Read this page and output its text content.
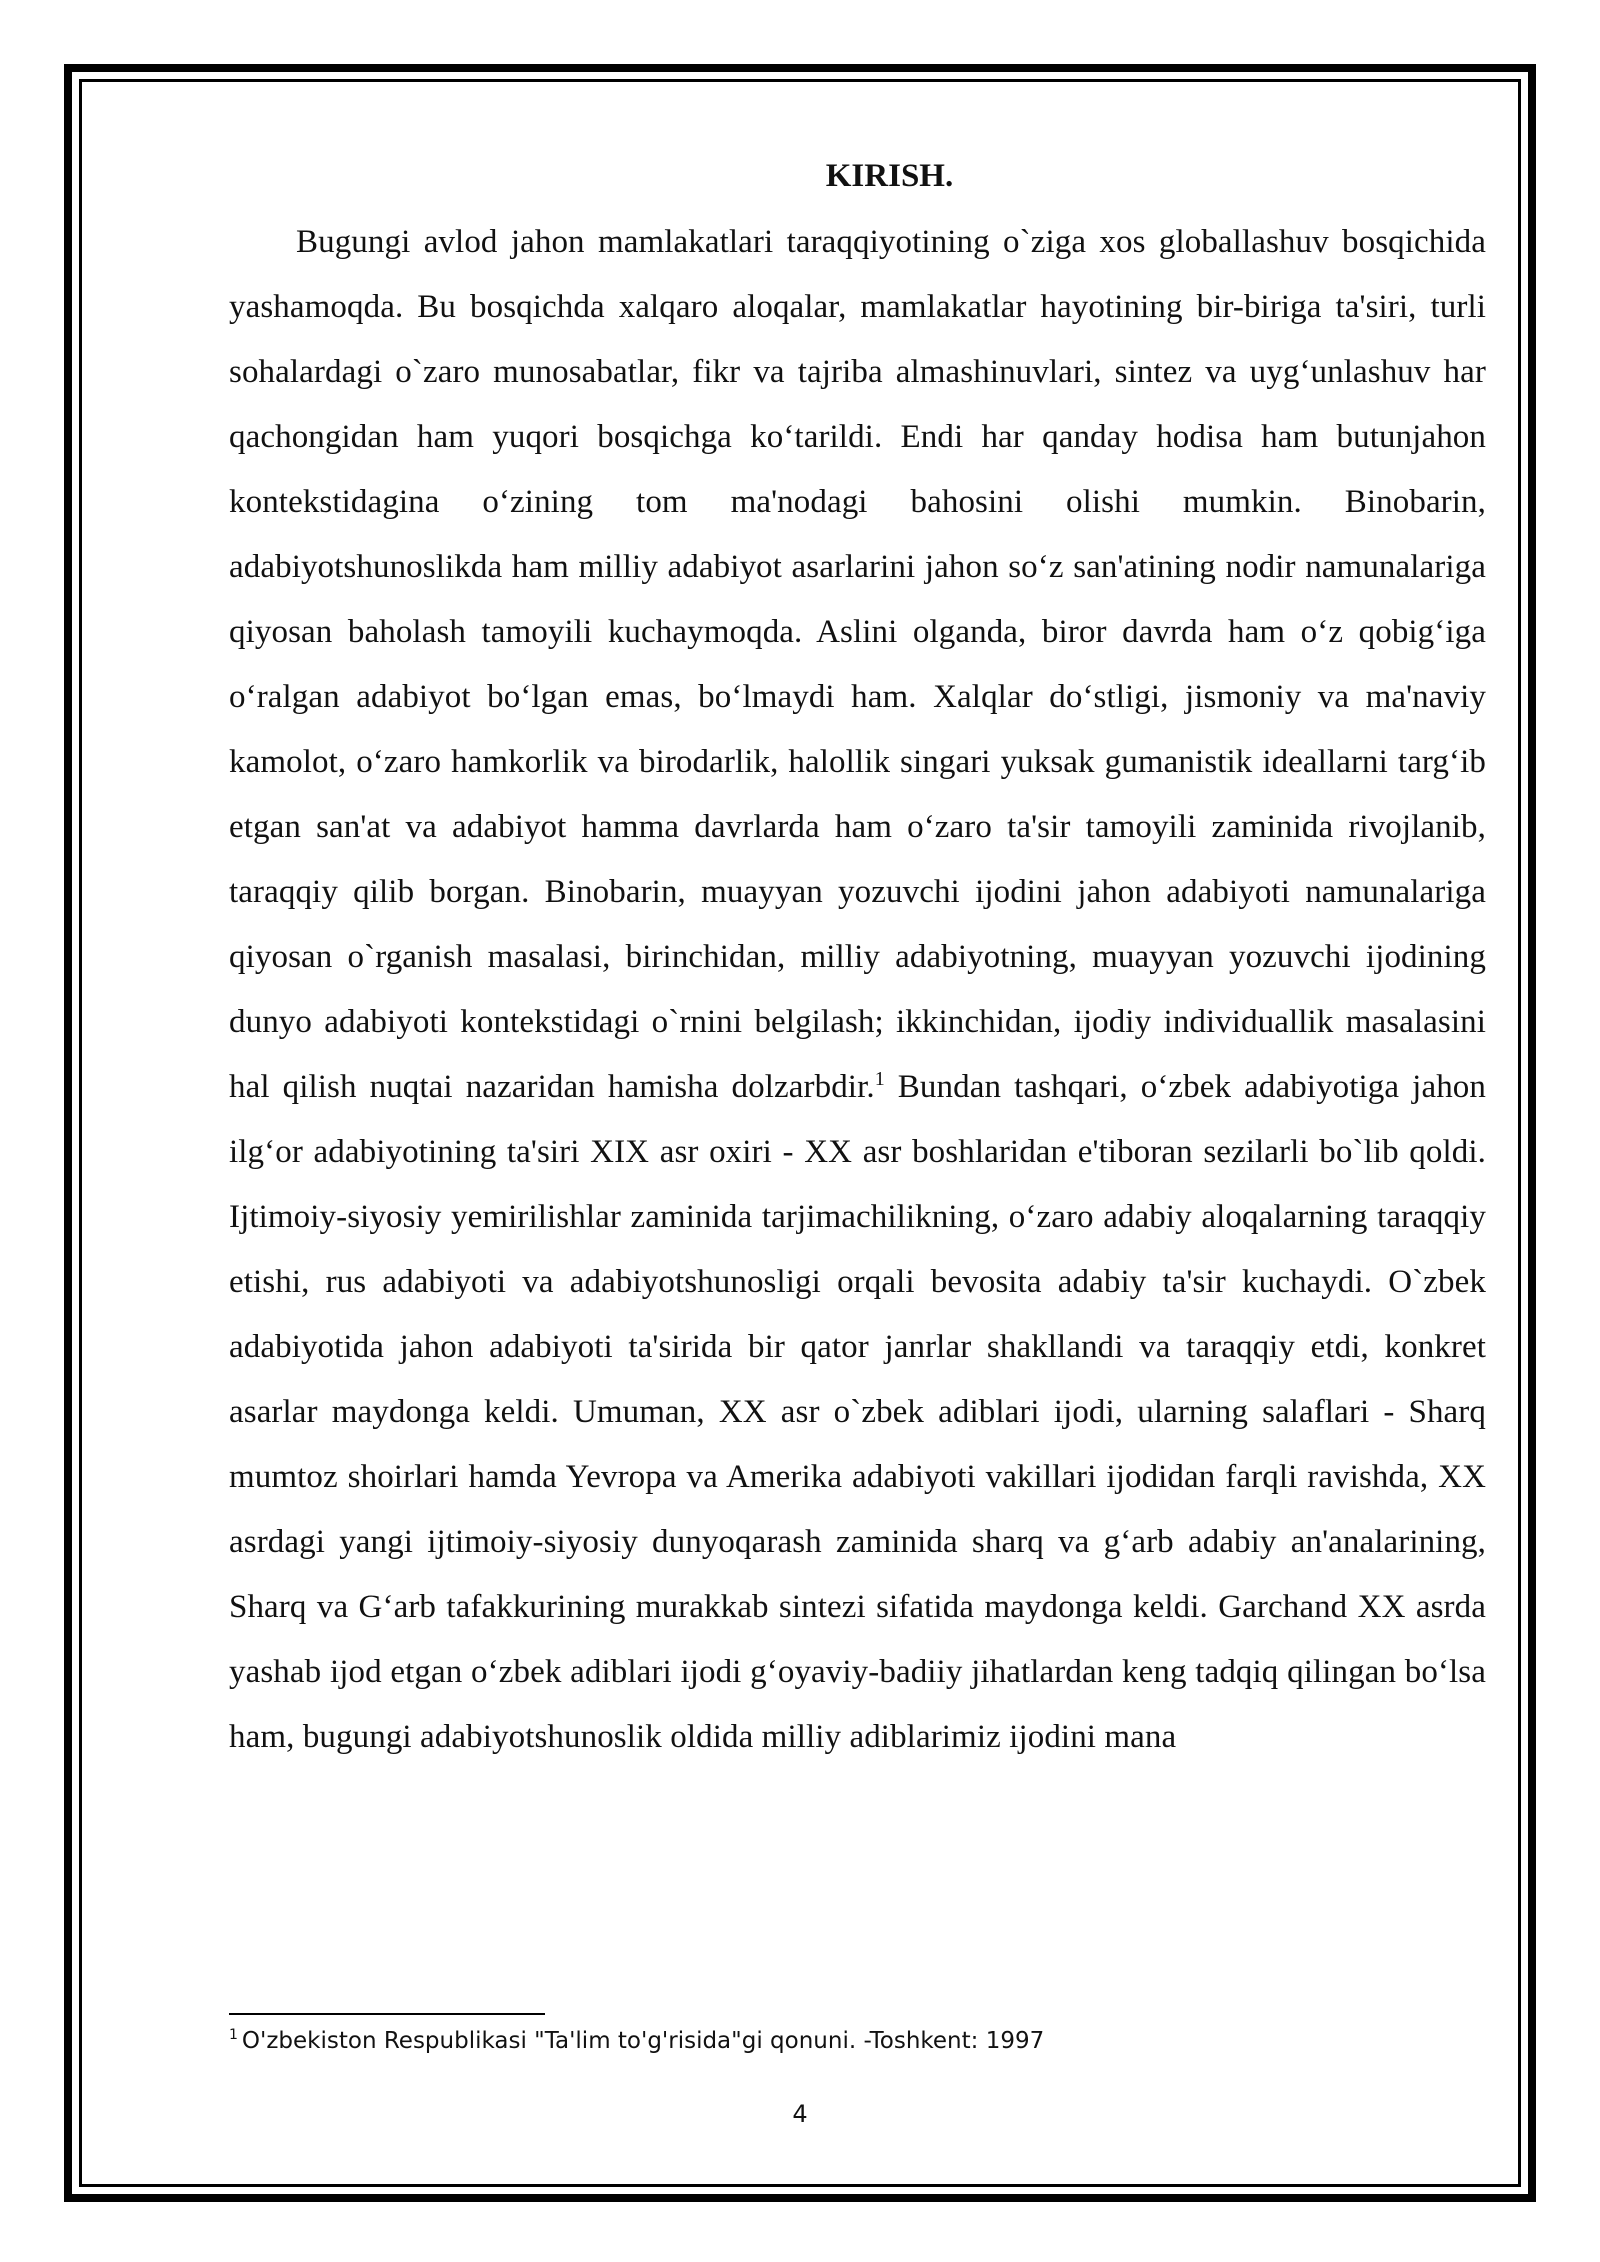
KIRISH.

Bugungi avlod jahon mamlakatlari taraqqiyotining o`ziga xos globallashuv bosqichida yashamoqda. Bu bosqichda xalqaro aloqalar, mamlakatlar hayotining bir-biriga ta'siri, turli sohalardagi o`zaro munosabatlar, fikr va tajriba almashinuvlari, sintez va uyg‘unlashuv har qachongidan ham yuqori bosqichga ko‘tarildi. Endi har qanday hodisa ham butunjahon kontekstidagina o‘zining tom ma'nodagi bahosini olishi mumkin. Binobarin, adabiyotshunoslikda ham milliy adabiyot asarlarini jahon so‘z san'atining nodir namunalariga qiyosan baholash tamoyili kuchaymoqda. Aslini olganda, biror davrda ham o‘z qobig‘iga o‘ralgan adabiyot bo‘lgan emas, bo‘lmaydi ham. Xalqlar do‘stligi, jismoniy va ma'naviy kamolot, o‘zaro hamkorlik va birodarlik, halollik singari yuksak gumanistik ideallarni targ‘ib etgan san'at va adabiyot hamma davrlarda ham o‘zaro ta'sir tamoyili zaminida rivojlanib, taraqqiy qilib borgan. Binobarin, muayyan yozuvchi ijodini jahon adabiyoti namunalariga qiyosan o`rganish masalasi, birinchidan, milliy adabiyotning, muayyan yozuvchi ijodining dunyo adabiyoti kontekstidagi o`rnini belgilash; ikkinchidan, ijodiy individuallik masalasini hal qilish nuqtai nazaridan hamisha dolzarbdir.$^1$ Bundan tashqari, o‘zbek adabiyotiga jahon ilg‘or adabiyotining ta'siri XIX asr oxiri - XX asr boshlaridan e'tiboran sezilarli bo`lib qoldi. Ijtimoiy-siyosiy yemirilishlar zaminida tarjimachilikning, o‘zaro adabiy aloqalarning taraqqiy etishi, rus adabiyoti va adabiyotshunosligi orqali bevosita adabiy ta'sir kuchaydi. O`zbek adabiyotida jahon adabiyoti ta'sirida bir qator janrlar shakllandi va taraqqiy etdi, konkret asarlar maydonga keldi. Umuman, XX asr o`zbek adiblari ijodi, ularning salaflari - Sharq mumtoz shoirlari hamda Yevropa va Amerika adabiyoti vakillari ijodidan farqli ravishda, XX asrdagi yangi ijtimoiy-siyosiy dunyoqarash zaminida sharq va g‘arb adabiy an'analarining, Sharq va G‘arb tafakkurining murakkab sintezi sifatida maydonga keldi. Garchand XX asrda yashab ijod etgan o‘zbek adiblari ijodi g‘oyaviy-badiiy jihatlardan keng tadqiq qilingan bo‘lsa ham, bugungi adabiyotshunoslik oldida milliy adiblarimiz ijodini mana

$^1$ O'zbekiston Respublikasi "Ta'lim to'g'risida"gi qonuni. -Toshkent: 1997
4
